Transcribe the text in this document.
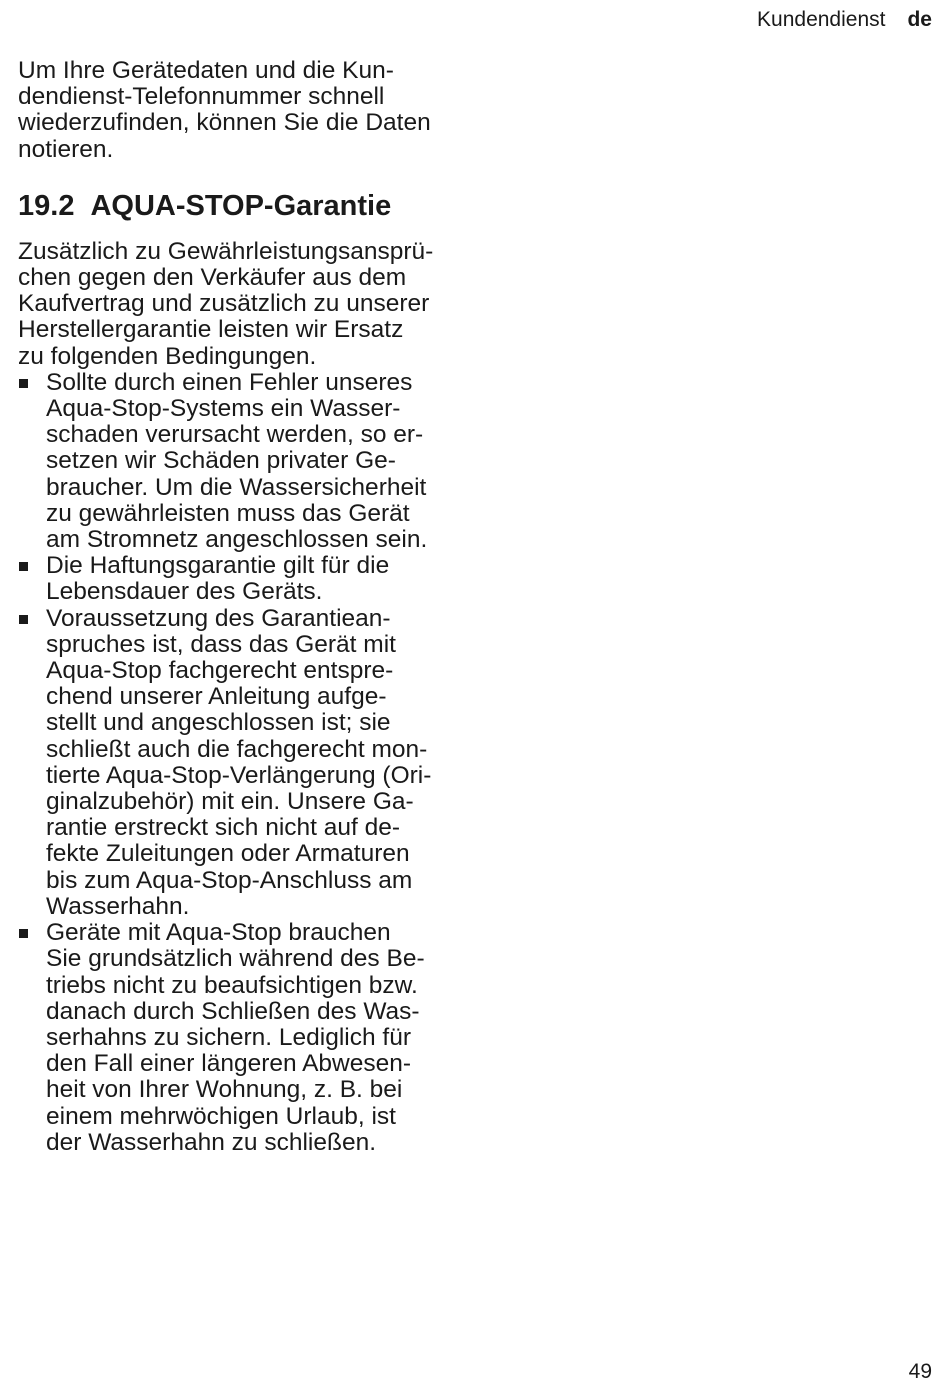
Kundendienst de

Um Ihre Gerätedaten und die Kun-
dendienst-Telefonnummer schnell
wiederzufinden, können Sie die Daten
notieren.

19.2 AQUA-STOP-Garantie

Zusätzlich zu Gewährleistungsansprü-
chen gegen den Verkäufer aus dem
Kaufvertrag und zusätzlich zu unserer
Herstellergarantie leisten wir Ersatz
zu folgenden Bedingungen.

Sollte durch einen Fehler unseres
Aqua-Stop-Systems ein Wasser-
schaden verursacht werden, so er-
setzen wir Schäden privater Ge-
braucher. Um die Wassersicherheit
zu gewährleisten muss das Gerät
am Stromnetz angeschlossen sein.
Die Haftungsgarantie gilt für die
Lebensdauer des Geräts.
Voraussetzung des Garantiean-
spruches ist, dass das Gerät mit
Aqua-Stop fachgerecht entspre-
chend unserer Anleitung aufge-
stellt und angeschlossen ist; sie
schließt auch die fachgerecht mon-
tierte Aqua-Stop-Verlängerung (Ori-
ginalzubehör) mit ein. Unsere Ga-
rantie erstreckt sich nicht auf de-
fekte Zuleitungen oder Armaturen
bis zum Aqua-Stop-Anschluss am
Wasserhahn.
Geräte mit Aqua-Stop brauchen
Sie grundsätzlich während des Be-
triebs nicht zu beaufsichtigen bzw.
danach durch Schließen des Was-
serhahns zu sichern. Lediglich für
den Fall einer längeren Abwesen-
heit von Ihrer Wohnung, z. B. bei
einem mehrwöchigen Urlaub, ist
der Wasserhahn zu schließen.
49
